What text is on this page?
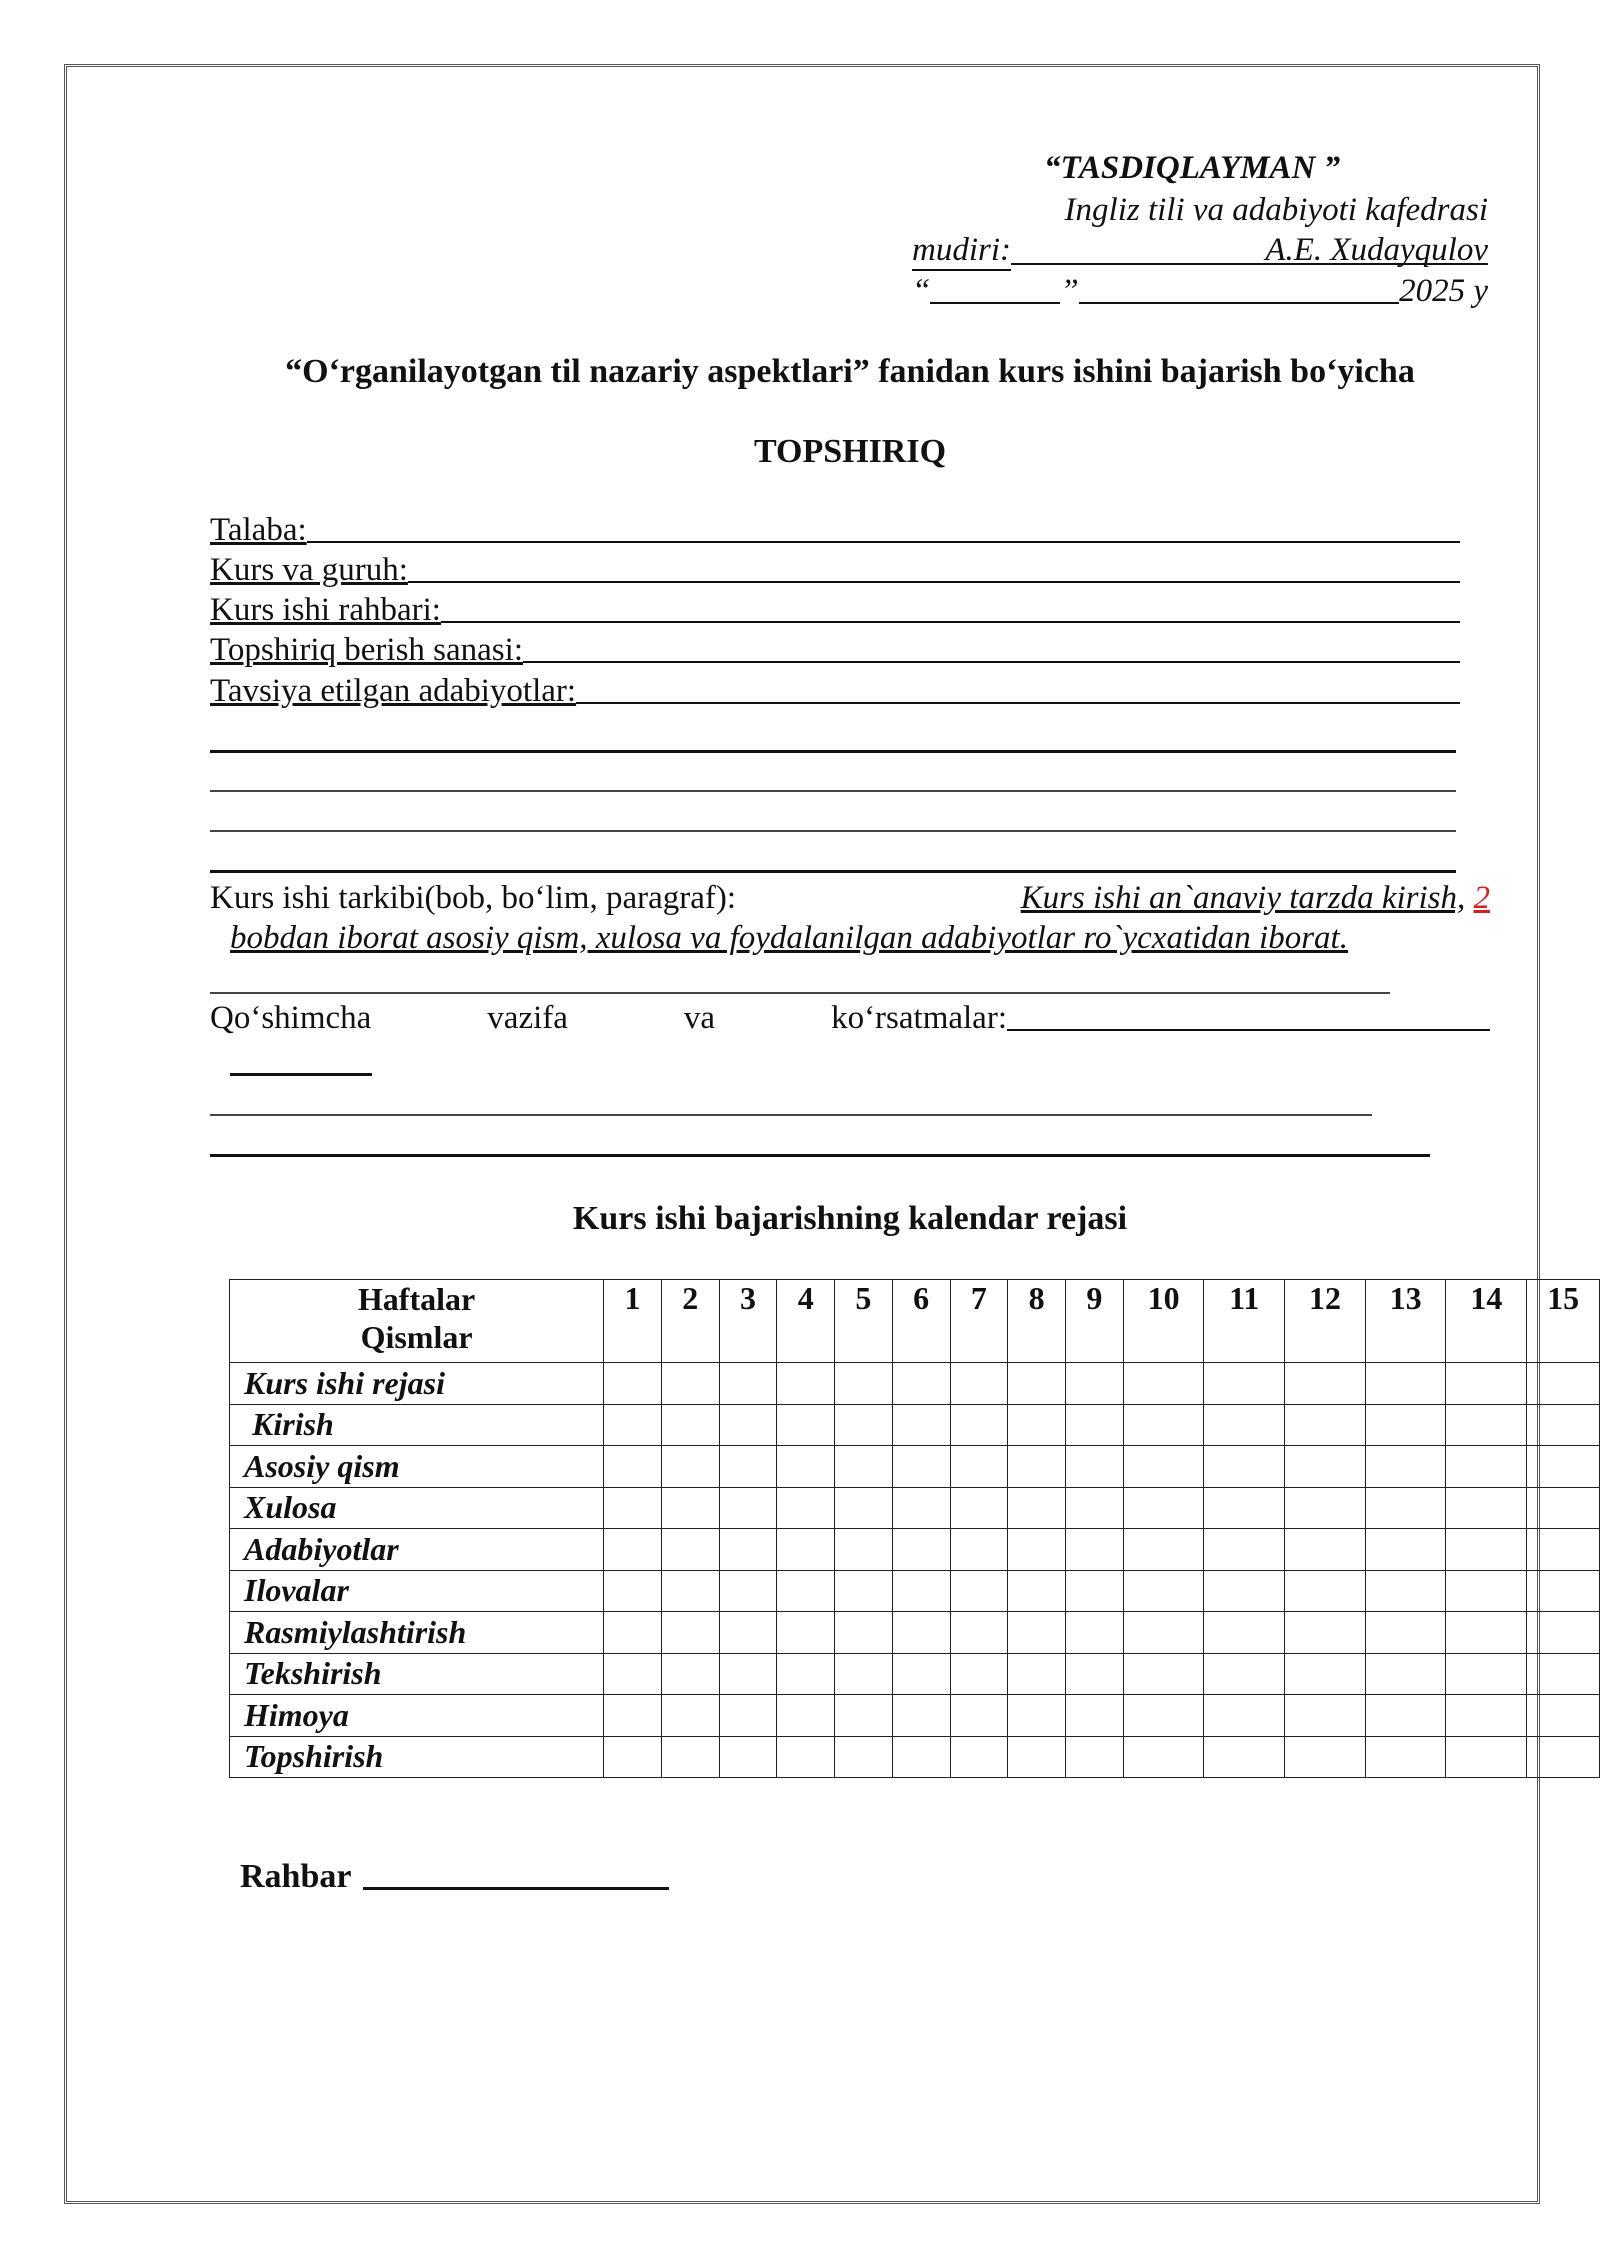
“TASDIQLAYMAN ”
Ingliz tili va adabiyoti kafedrasi
mudiri:	A.E. Xudayqulov
“	”	2025 y
“O‘rganilayotgan til nazariy aspektlari” fanidan kurs ishini bajarish bo‘yicha
TOPSHIRIQ
Talaba:
Kurs va guruh:
Kurs ishi rahbari:
Topshiriq berish sanasi:
Tavsiya etilgan adabiyotlar:
Kurs ishi tarkibi(bob, bo‘lim, paragraf):	Kurs ishi an`anaviy tarzda kirish, 2
bobdan iborat asosiy qism, xulosa va foydalanilgan adabiyotlar ro`ycxatidan iborat.
Qo‘shimcha	vazifa	va	ko‘rsatmalar:
Kurs ishi bajarishning kalendar rejasi
Haftalar
Qismlar	1	2	3	4	5	6	7	8	9	10	11	12	13	14	15
Kurs ishi rejasi															
Kirish															
Asosiy qism															
Xulosa															
Adabiyotlar															
Ilovalar															
Rasmiylashtirish															
Tekshirish															
Himoya															
Topshirish															
Rahbar
